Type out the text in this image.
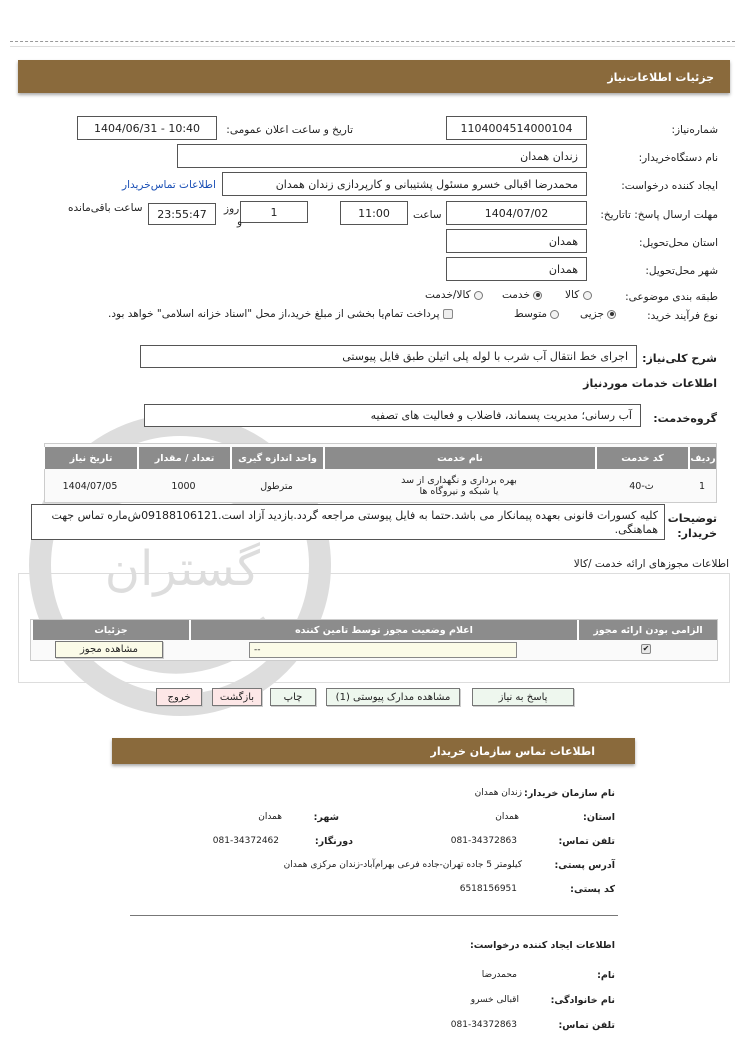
گستران
جزئیات اطلاعات‌نیاز
شماره‌نیاز:
1104004514000104
تاریخ و ساعت اعلان عمومی:
1404/06/31 - 10:40
نام دستگاه‌خریدار:
زندان همدان
ایجاد کننده درخواست:
محمدرضا اقبالی خسرو مسئول پشتیبانی و کارپردازی زندان همدان
اطلاعات تماس‌خریدار
مهلت ارسال پاسخ: تاتاریخ:
1404/07/02
ساعت
11:00
1
روز
و
23:55:47
ساعت باقی‌مانده
استان محل‌تحویل:
همدان
شهر محل‌تحویل:
همدان
طبقه بندی موضوعی:
کالا
خدمت
کالا/خدمت
نوع فرآیند خرید:
جزیی
متوسط
پرداخت تمام‌یا بخشی از مبلغ خرید،از محل "اسناد خزانه اسلامی" خواهد بود.
شرح کلی‌نیاز:
اجرای خط انتقال آب شرب با لوله پلی اتیلن طبق فایل پیوستی
اطلاعات خدمات موردنیاز
گروه‌خدمت:
آب رسانی؛ مدیریت پسماند، فاضلاب و فعالیت های تصفیه
ردیف
کد خدمت
نام خدمت
واحد اندازه گیری
تعداد / مقدار
تاریخ نیاز
1
ث-40
بهره برداری و نگهداری از سد
یا شبکه و نیروگاه ها
مترطول
1000
1404/07/05
توضیحات خریدار:
کلیه کسورات قانونی بعهده پیمانکار می باشد.حتما به فایل پیوستی مراجعه گردد.بازدید آزاد است.09188106121ش‌ماره تماس جهت هماهنگی.
اطلاعات مجوزهای ارائه خدمت /کالا
الزامی بودن ارائه مجوز
اعلام وضعیت مجوز توسط تامین کننده
جزئیات
✔
--
مشاهده مجوز
پاسخ به نیاز
مشاهده مدارک پیوستی (1)
چاپ
بازگشت
خروج
اطلاعات تماس سازمان خریدار
نام سازمان خریدار:
زندان همدان
استان:
همدان
شهر:
همدان
تلفن تماس:
081-34372863
دورنگار:
081-34372462
آدرس پستی:
کیلومتر 5 جاده تهران-جاده فرعی بهرام‌آباد-زندان مرکزی همدان
کد پستی:
6518156951
اطلاعات ایجاد کننده درخواست:
نام:
محمدرضا
نام خانوادگی:
اقبالی خسرو
تلفن تماس:
081-34372863
